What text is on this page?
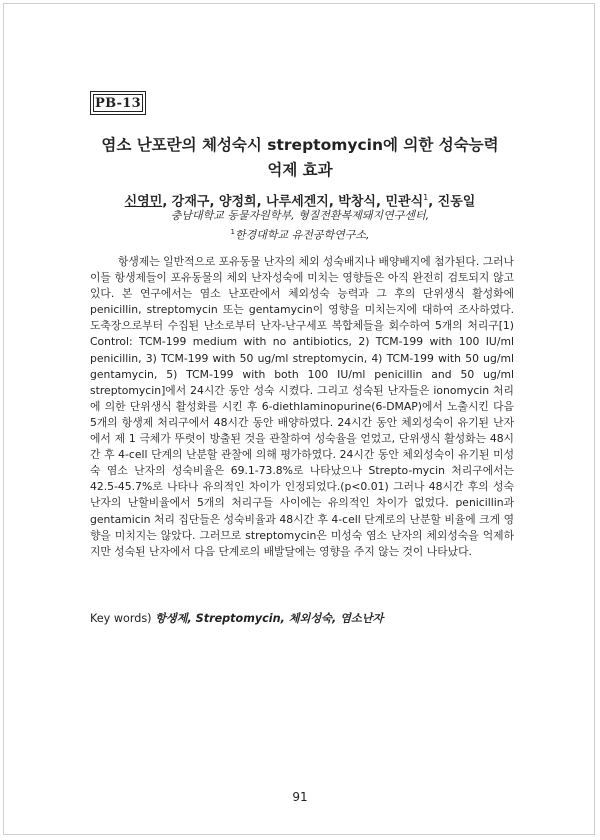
PB-13
염소 난포란의 체성숙시 streptomycin에 의한 성숙능력
억제 효과
신영민, 강재구, 양정희, 나루세겐지, 박창식, 민관식$^1$, 진동일
충남대학교 동물자원학부, 형질전환복제돼지연구센터,
$^1$한경대학교 유전공학연구소,

항생제는 일반적으로 포유동물 난자의 체외 성숙배지나 배양배지에 첨가된다. 그러나 이들 항생제들이 포유동물의 체외 난자성숙에 미치는 영향들은 아직 완전히 검토되지 않고 있다. 본 연구에서는 염소 난포란에서 체외성숙 능력과 그 후의 단위생식 활성화에 penicillin, streptomycin 또는 gentamycin이 영향을 미치는지에 대하여 조사하였다. 도축장으로부터 수집된 난소로부터 난자-난구세포 복합체들을 회수하여 5개의 처리구[1) Control: TCM-199 medium with no antibiotics, 2) TCM-199 with 100 IU/ml penicillin, 3) TCM-199 with 50 ug/ml streptomycin, 4) TCM-199 with 50 ug/ml gentamycin, 5) TCM-199 with both 100 IU/ml penicillin and 50 ug/ml streptomycin]에서 24시간 동안 성숙 시켰다. 그리고 성숙된 난자들은 ionomycin 처리에 의한 단위생식 활성화를 시킨 후 6-diethlaminopurine(6-DMAP)에서 노출시킨 다음 5개의 항생제 처리구에서 48시간 동안 배양하였다. 24시간 동안 체외성숙이 유기된 난자에서 제 1 극체가 뚜렷이 방출된 것을 관찰하여 성숙율을 얻었고, 단위생식 활성화는 48시간 후 4-cell 단계의 난분할 관찰에 의해 평가하였다. 24시간 동안 체외성숙이 유기된 미성숙 염소 난자의 성숙비율은 69.1-73.8%로 나타났으나 Strepto-mycin 처리구에서는 42.5-45.7%로 나타나 유의적인 차이가 인정되었다.(p<0.01) 그러나 48시간 후의 성숙난자의 난할비율에서 5개의 처리구들 사이에는 유의적인 차이가 없었다. penicillin과 gentamicin 처리 집단들은 성숙비율과 48시간 후 4-cell 단계로의 난분할 비율에 크게 영향을 미치지는 않았다. 그러므로 streptomycin은 미성숙 염소 난자의 체외성숙을 억제하지만 성숙된 난자에서 다음 단계로의 배발달에는 영향을 주지 않는 것이 나타났다.

Key words) 항생제, Streptomycin, 체외성숙, 염소난자
91
